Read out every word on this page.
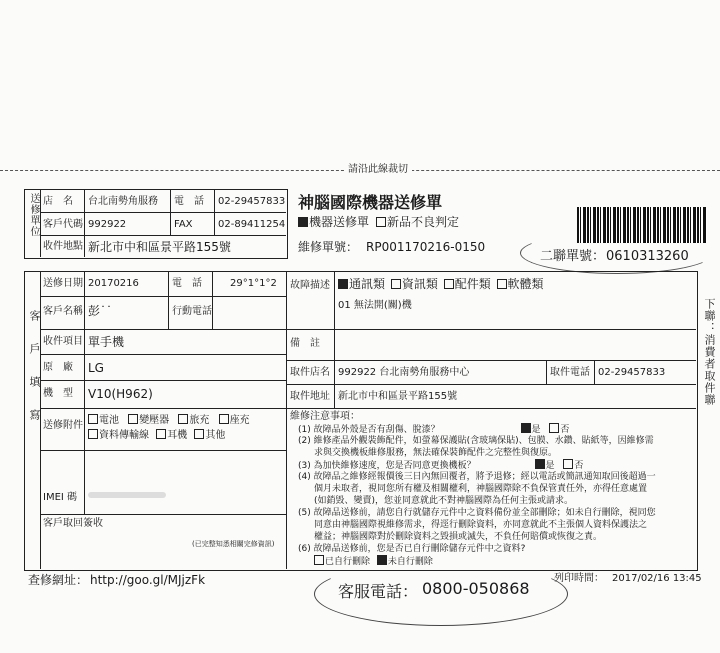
請沿此線裁切
送修單位 店　名 台北南勢角服務 電　話 02-29457833
客戶代碼 992922	FAX	02-89411254
收件地點 新北市中和區景平路155號
神腦國際機器送修單
機器送修單	新品不良判定
維修單號： RP001170216-0150
二聯單號： 0610313260
客戶填寫
送修日期 20170216	電　話	29°1°1°2
客戶名稱 彭˙˙	行動電話
收件項目 單手機
原　廠 LG
機　型 V10(H962)
送修附件	電池 變壓器 旅充 座充
資料傳輸線 耳機 其他
IMEI 碼
客戶取回簽收
(已完整知悉相關完修資訊)
故障描述	通訊類 資訊類 配件類 軟體類
01 無法開(關)機
備　註
取件店名 992922 台北南勢角服務中心	取件電話 02-29457833
取件地址 新北市中和區景平路155號
維修注意事項：
(1) 故障品外殼是否有刮傷、脫漆？	是 否
(2) 維修產品外觀裝飾配件，如螢幕保護貼(含玻璃保貼)、包膜、水鑽、貼紙等，因維修需
求與交換機板維修服務，無法確保裝飾配件之完整性與復原。
(3) 為加快維修速度，您是否同意更換機板？	是 否
(4) 故障品之維修經報價後三日內無回覆者，將予退修；經以電話或簡訊通知取回後超過一
個月未取者，視同您所有權及相關權利，神腦國際除不負保管責任外，亦得任意處置
(如銷毀、變賣)，您並同意就此不對神腦國際為任何主張或請求。
(5) 故障品送修前，請您自行就儲存元件中之資料備份並全部刪除；如未自行刪除，視同您
同意由神腦國際視維修需求，得逕行刪除資料，亦同意就此不主張個人資料保護法之
權益；神腦國際對於刪除資料之毀損或滅失，不負任何賠償或恢復之責。
(6) 故障品送修前，您是否已自行刪除儲存元件中之資料?
已自行刪除 未自行刪除
下聯：消費者取件聯
查修網址： http://goo.gl/MJjzFk
客服電話： 0800-050868
列印時間： 2017/02/16 13:45
